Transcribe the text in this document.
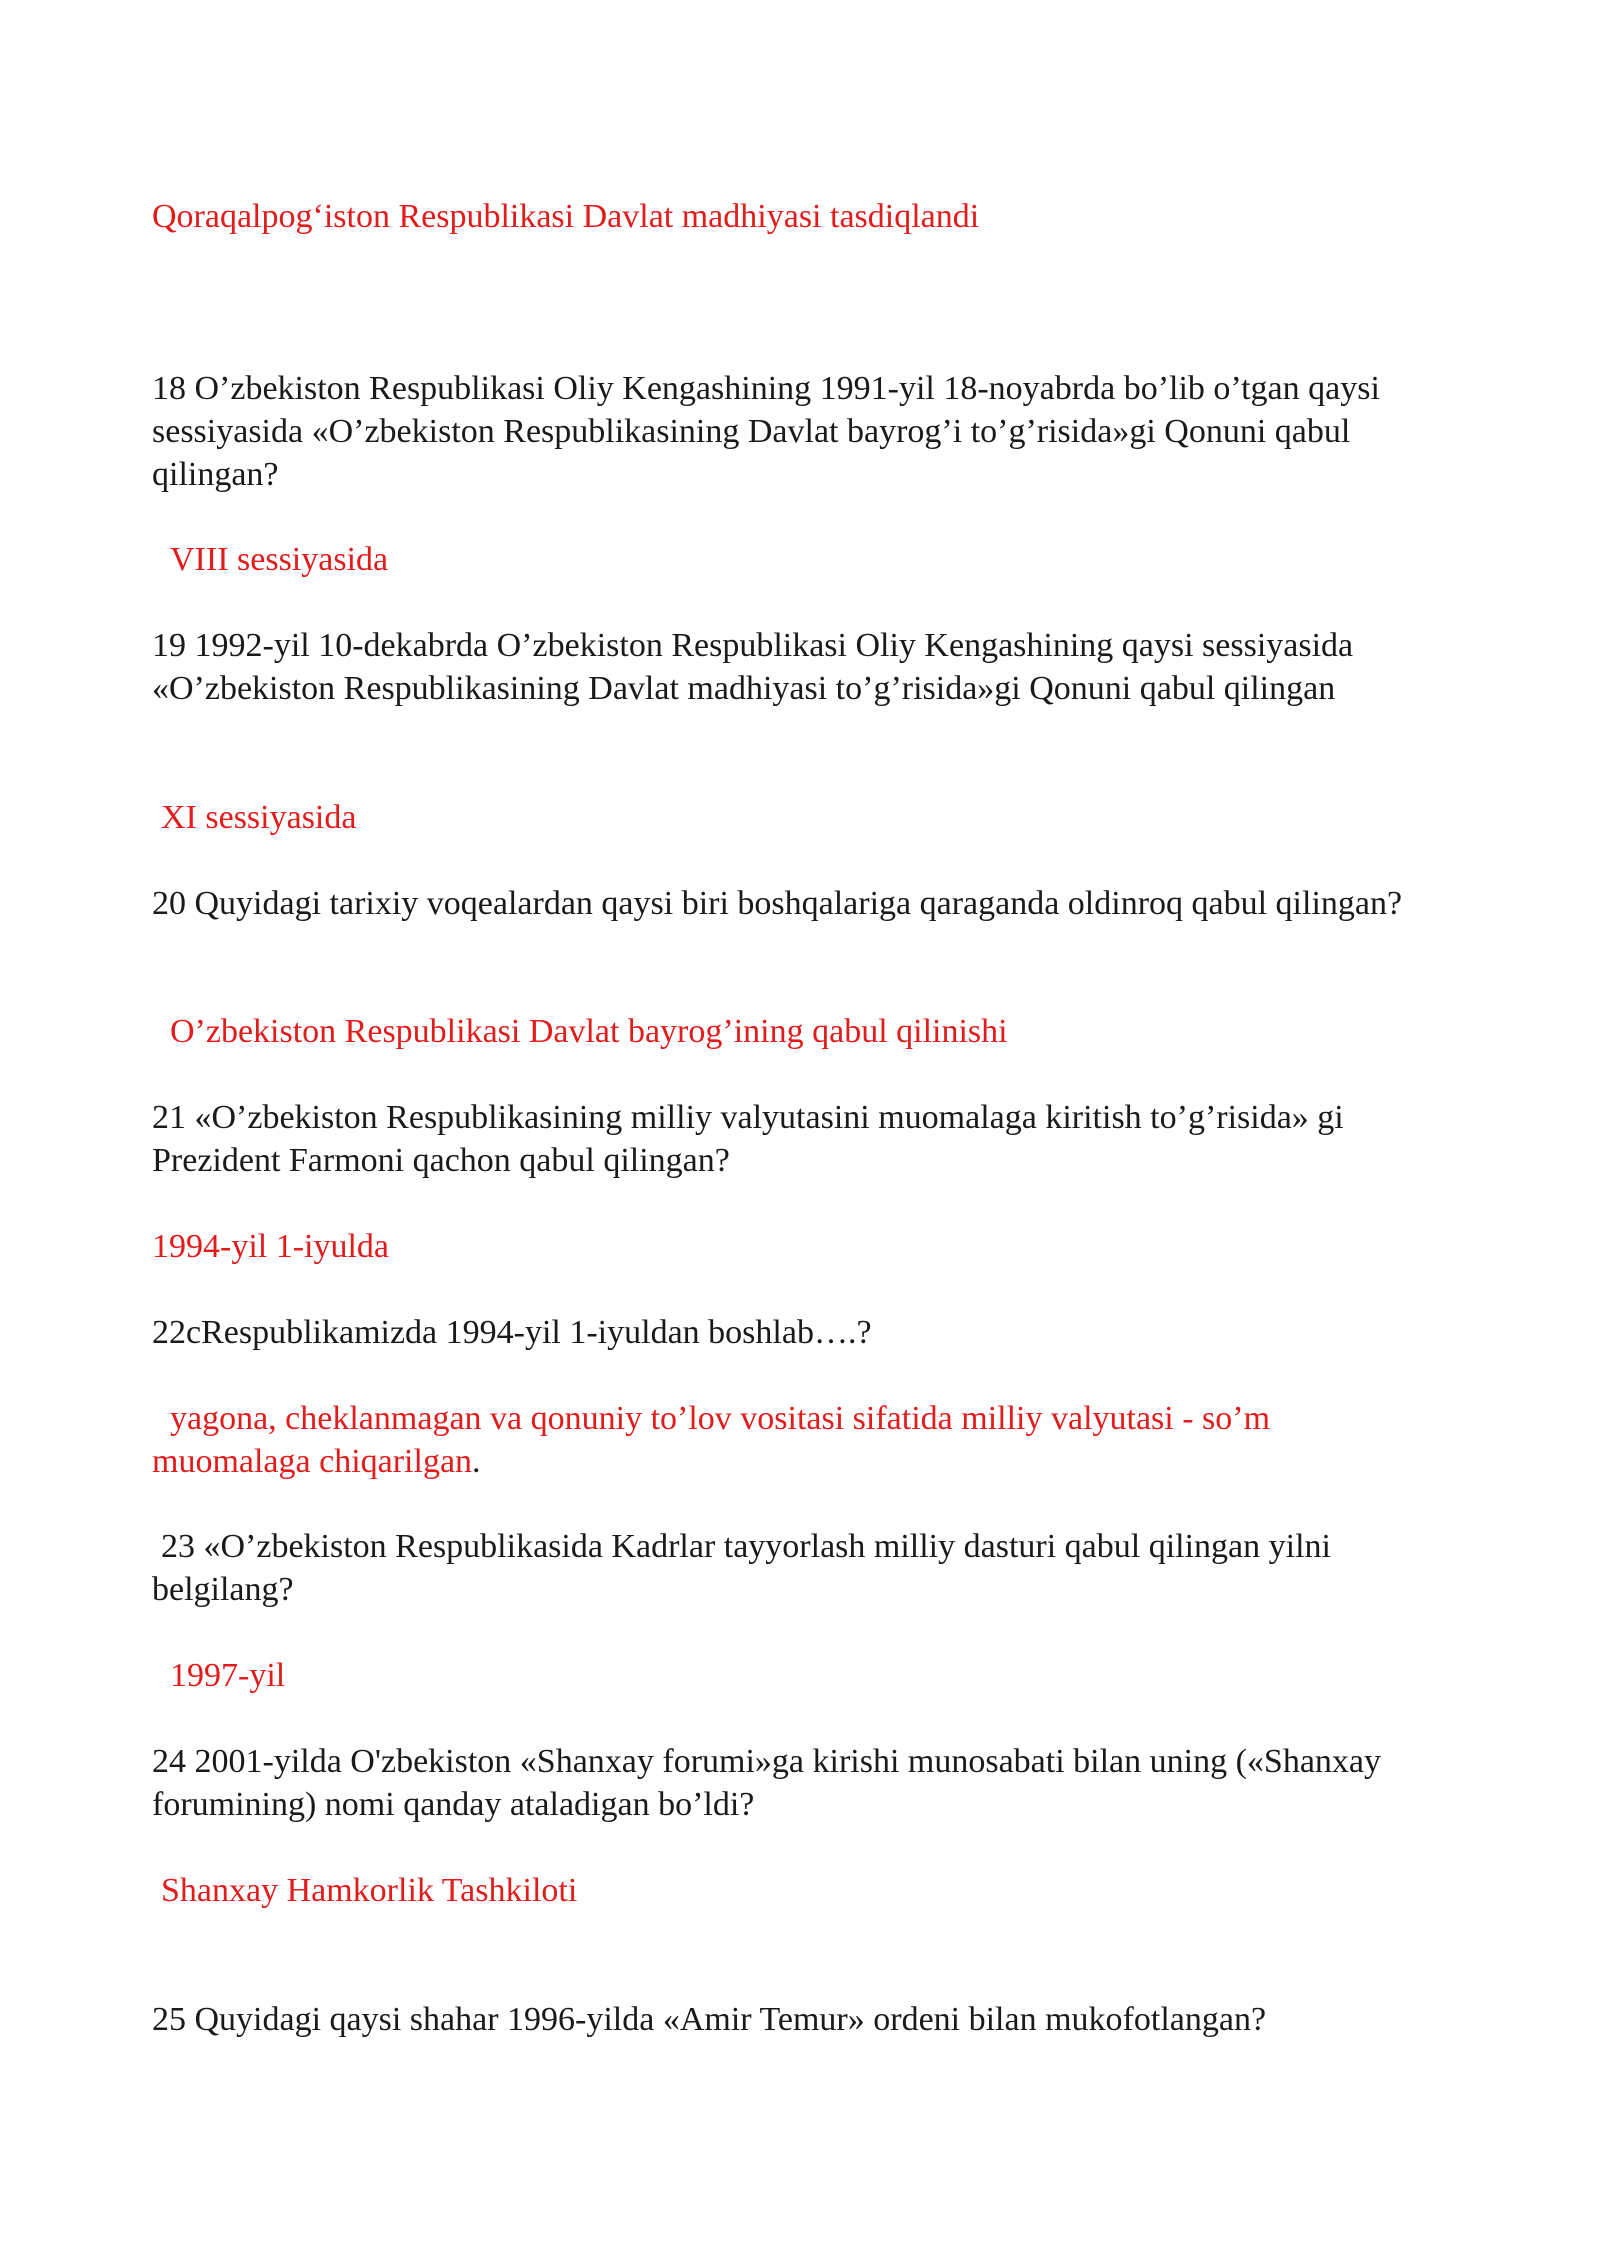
Qoraqalpogʻiston Respublikasi Davlat madhiyasi tasdiqlandi

18 O’zbekiston Respublikasi Oliy Kengashining 1991-yil 18-noyabrda bo’lib o’tgan qaysi sessiyasida «O’zbekiston Respublikasining Davlat bayrog’i to’g’risida»gi Qonuni qabul qilingan?

VIII sessiyasida

19 1992-yil 10-dekabrda O’zbekiston Respublikasi Oliy Kengashining qaysi sessiyasida «O’zbekiston Respublikasining Davlat madhiyasi to’g’risida»gi Qonuni qabul qilingan

XI sessiyasida

20 Quyidagi tarixiy voqealardan qaysi biri boshqalariga qaraganda oldinroq qabul qilingan?

O’zbekiston Respublikasi Davlat bayrog’ining qabul qilinishi

21 «O’zbekiston Respublikasining milliy valyutasini muomalaga kiritish to’g’risida» gi Prezident Farmoni qachon qabul qilingan?

1994-yil 1-iyulda

22cRespublikamizda 1994-yil 1-iyuldan boshlab….?

yagona, cheklanmagan va qonuniy to’lov vositasi sifatida milliy valyutasi - so’m muomalaga chiqarilgan.

23 «O’zbekiston Respublikasida Kadrlar tayyorlash milliy dasturi qabul qilingan yilni belgilang?

1997-yil

24 2001-yilda O'zbekiston «Shanxay forumi»ga kirishi munosabati bilan uning («Shanxay forumining) nomi qanday ataladigan bo’ldi?

Shanxay Hamkorlik Tashkiloti

25 Quyidagi qaysi shahar 1996-yilda «Amir Temur» ordeni bilan mukofotlangan?
